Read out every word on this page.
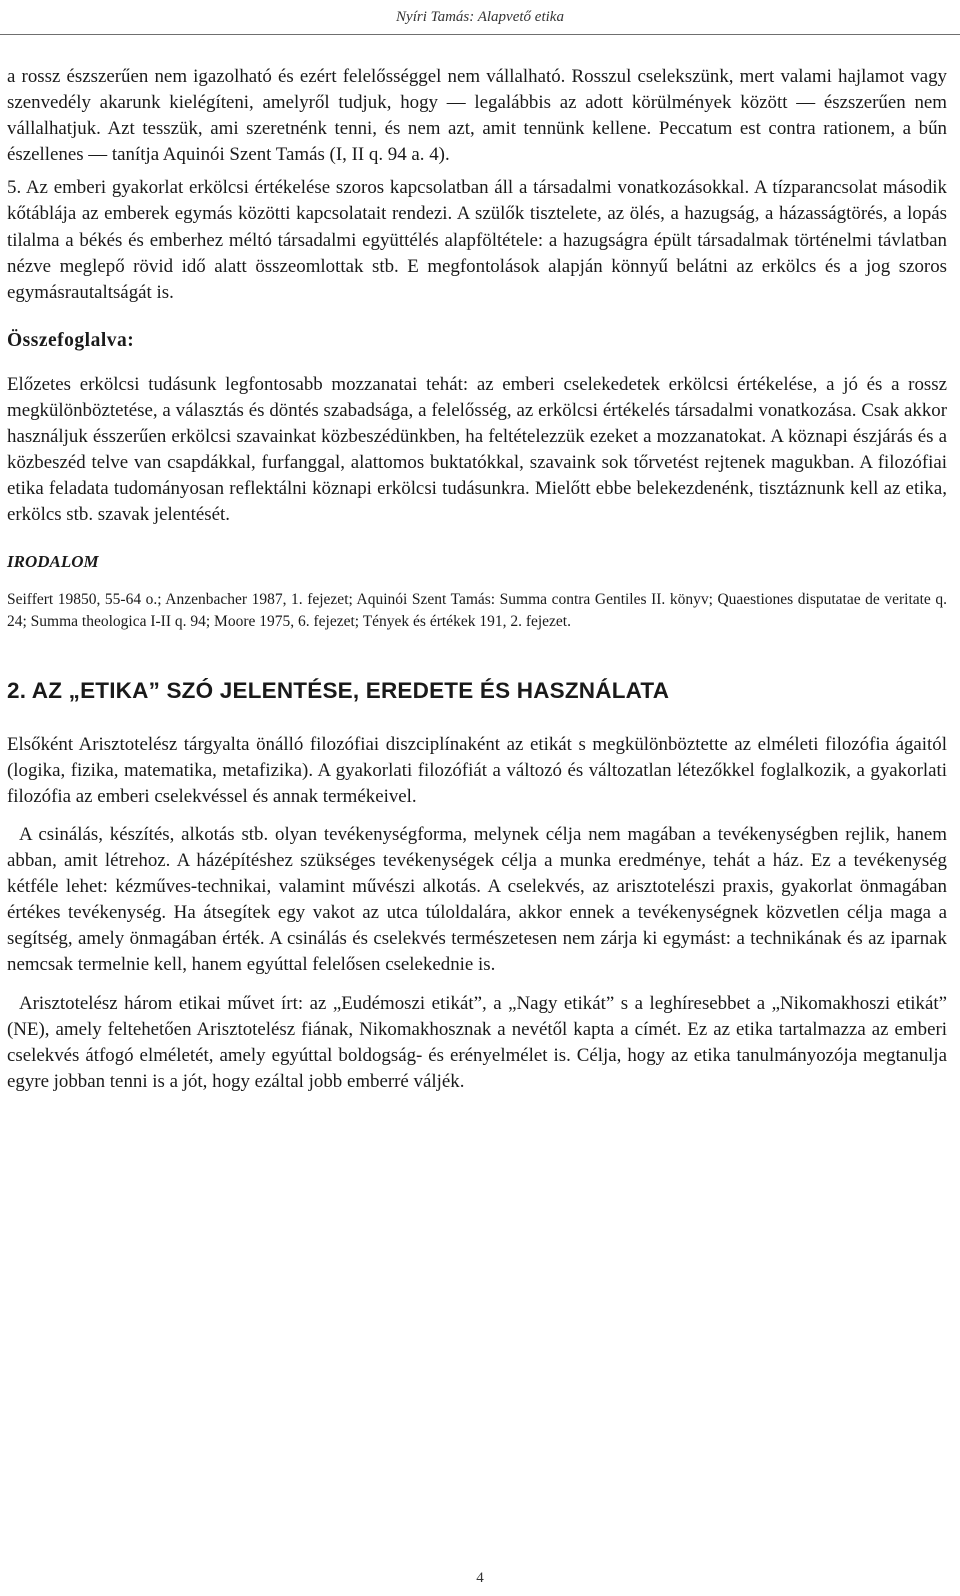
Nyíri Tamás: Alapvető etika

a rossz észszerűen nem igazolható és ezért felelősséggel nem vállalható. Rosszul cselekszünk, mert valami hajlamot vagy szenvedély akarunk kielégíteni, amelyről tudjuk, hogy — legalábbis az adott körülmények között — észszerűen nem vállalhatjuk. Azt tesszük, ami szeretnénk tenni, és nem azt, amit tennünk kellene. Peccatum est contra rationem, a bűn észellenes — tanítja Aquinói Szent Tamás (I, II q. 94 a. 4).

5. Az emberi gyakorlat erkölcsi értékelése szoros kapcsolatban áll a társadalmi vonatkozásokkal. A tízparancsolat második kőtáblája az emberek egymás közötti kapcsolatait rendezi. A szülők tisztelete, az ölés, a hazugság, a házasságtörés, a lopás tilalma a békés és emberhez méltó társadalmi együttélés alapföltétele: a hazugságra épült társadalmak történelmi távlatban nézve meglepő rövid idő alatt összeomlottak stb. E megfontolások alapján könnyű belátni az erkölcs és a jog szoros egymásrautaltságát is.

Összefoglalva:

Előzetes erkölcsi tudásunk legfontosabb mozzanatai tehát: az emberi cselekedetek erkölcsi értékelése, a jó és a rossz megkülönböztetése, a választás és döntés szabadsága, a felelősség, az erkölcsi értékelés társadalmi vonatkozása. Csak akkor használjuk ésszerűen erkölcsi szavainkat közbeszédünkben, ha feltételezzük ezeket a mozzanatokat. A köznapi észjárás és a közbeszéd telve van csapdákkal, furfanggal, alattomos buktatókkal, szavaink sok tőrvetést rejtenek magukban. A filozófiai etika feladata tudományosan reflektálni köznapi erkölcsi tudásunkra. Mielőtt ebbe belekezdenénk, tisztáznunk kell az etika, erkölcs stb. szavak jelentését.

IRODALOM

Seiffert 19850, 55-64 o.; Anzenbacher 1987, 1. fejezet; Aquinói Szent Tamás: Summa contra Gentiles II. könyv; Quaestiones disputatae de veritate q. 24; Summa theologica I-II q. 94; Moore 1975, 6. fejezet; Tények és értékek 191, 2. fejezet.

2. AZ „ETIKA” SZÓ JELENTÉSE, EREDETE ÉS HASZNÁLATA

Elsőként Arisztotelész tárgyalta önálló filozófiai diszciplínaként az etikát s megkülönböztette az elméleti filozófia ágaitól (logika, fizika, matematika, metafizika). A gyakorlati filozófiát a változó és változatlan létezőkkel foglalkozik, a gyakorlati filozófia az emberi cselekvéssel és annak termékeivel.

A csinálás, készítés, alkotás stb. olyan tevékenységforma, melynek célja nem magában a tevékenységben rejlik, hanem abban, amit létrehoz. A házépítéshez szükséges tevékenységek célja a munka eredménye, tehát a ház. Ez a tevékenység kétféle lehet: kézműves-technikai, valamint művészi alkotás. A cselekvés, az arisztotelészi praxis, gyakorlat önmagában értékes tevékenység. Ha átsegítek egy vakot az utca túloldalára, akkor ennek a tevékenységnek közvetlen célja maga a segítség, amely önmagában érték. A csinálás és cselekvés természetesen nem zárja ki egymást: a technikának és az iparnak nemcsak termelnie kell, hanem egyúttal felelősen cselekednie is.

Arisztotelész három etikai művet írt: az „Eudémoszi etikát”, a „Nagy etikát” s a leghíresebbet a „Nikomakhoszi etikát” (NE), amely feltehetően Arisztotelész fiának, Nikomakhosznak a nevétől kapta a címét. Ez az etika tartalmazza az emberi cselekvés átfogó elméletét, amely egyúttal boldogság- és erényelmélet is. Célja, hogy az etika tanulmányozója megtanulja egyre jobban tenni is a jót, hogy ezáltal jobb emberré váljék.

4
